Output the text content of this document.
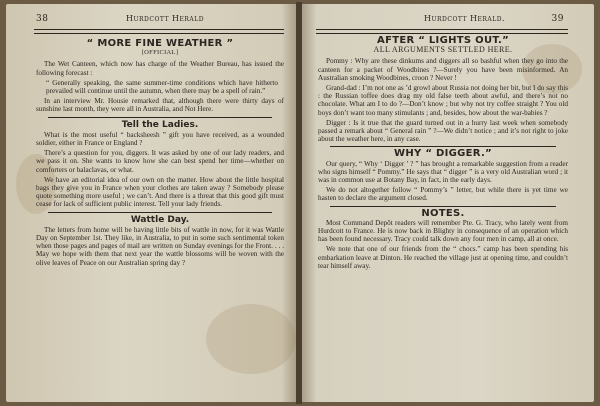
38	Hurdcott Herald
“ MORE FINE WEATHER ”
[OFFICIAL]

The Wet Canteen, which now has charge of the Weather Bureau, has issued the following forecast :

“ Generally speaking, the same summer-time conditions which have hitherto prevailed will continue until the autumn, when there may be a spell of rain.”

In an interview Mr. Housie remarked that, although there were thirty days of sunshine last month, they were all in Australia, and Not Here.

Tell the Ladies.

What is the most useful “ backsheesh ” gift you have received, as a wounded soldier, either in France or England ?

There’s a question for you, diggers. It was asked by one of our lady readers, and we pass it on. She wants to know how she can best spend her time—whether on comforters or balaclavas, or what.

We have an editorial idea of our own on the matter. How about the little hospital bags they give you in France when your clothes are taken away ? Somebody please quote something more useful ; we can’t. And there is a threat that this good gift must cease for lack of sufficient public interest. Tell your lady friends.

Wattle Day.

The letters from home will be having little bits of wattle in now, for it was Wattle Day on September 1st. They like, in Australia, to put in some such sentimental token when those pages and pages of mail are written on Sunday evenings for the Front. . . . May we hope with them that next year the wattle blossoms will be woven with the olive leaves of Peace on our Australian spring day ?

Hurdcott Herald.	39
AFTER “ LIGHTS OUT.”
ALL ARGUMENTS SETTLED HERE.

Pommy : Why are these dinkums and diggers all so bashful when they go into the canteen for a packet of Woodbines ?—Surely you have been misinformed. An Australian smoking Woodbines, croon ? Never !

Grand-dad : I’m not one as ’d growl about Russia not doing her bit, but I do say this : the Russian toffee does drag my old false teeth about awful, and there’s not no chocolate. What am I to do ?—Don’t know ; but why not try coffee straight ? You old boys don’t want too many stimulants ; and, besides, how about the war-babies ?

Digger : Is it true that the guard turned out in a hurry last week when somebody passed a remark about “ General rain ” ?—We didn’t notice ; and it’s not right to joke about the weather here, in any case.

WHY “ DIGGER.”

Our query, “ Why ‘ Digger ’ ? ” has brought a remarkable suggestion from a reader who signs himself “ Pommy.” He says that “ digger ” is a very old Australian word ; it was in common use at Botany Bay, in fact, in the early days.

We do not altogether follow “ Pommy’s ” letter, but while there is yet time we hasten to declare the argument closed.

NOTES.

Most Command Depôt readers will remember Pte. G. Tracy, who lately went from Hurdcott to France. He is now back in Blighty in consequence of an operation which has been found necessary. Tracy could talk down any four men in camp, all at once.

We note that one of our friends from the “ chocs.” camp has been spending his embarkation leave at Dinton. He reached the village just at opening time, and couldn’t tear himself away.
